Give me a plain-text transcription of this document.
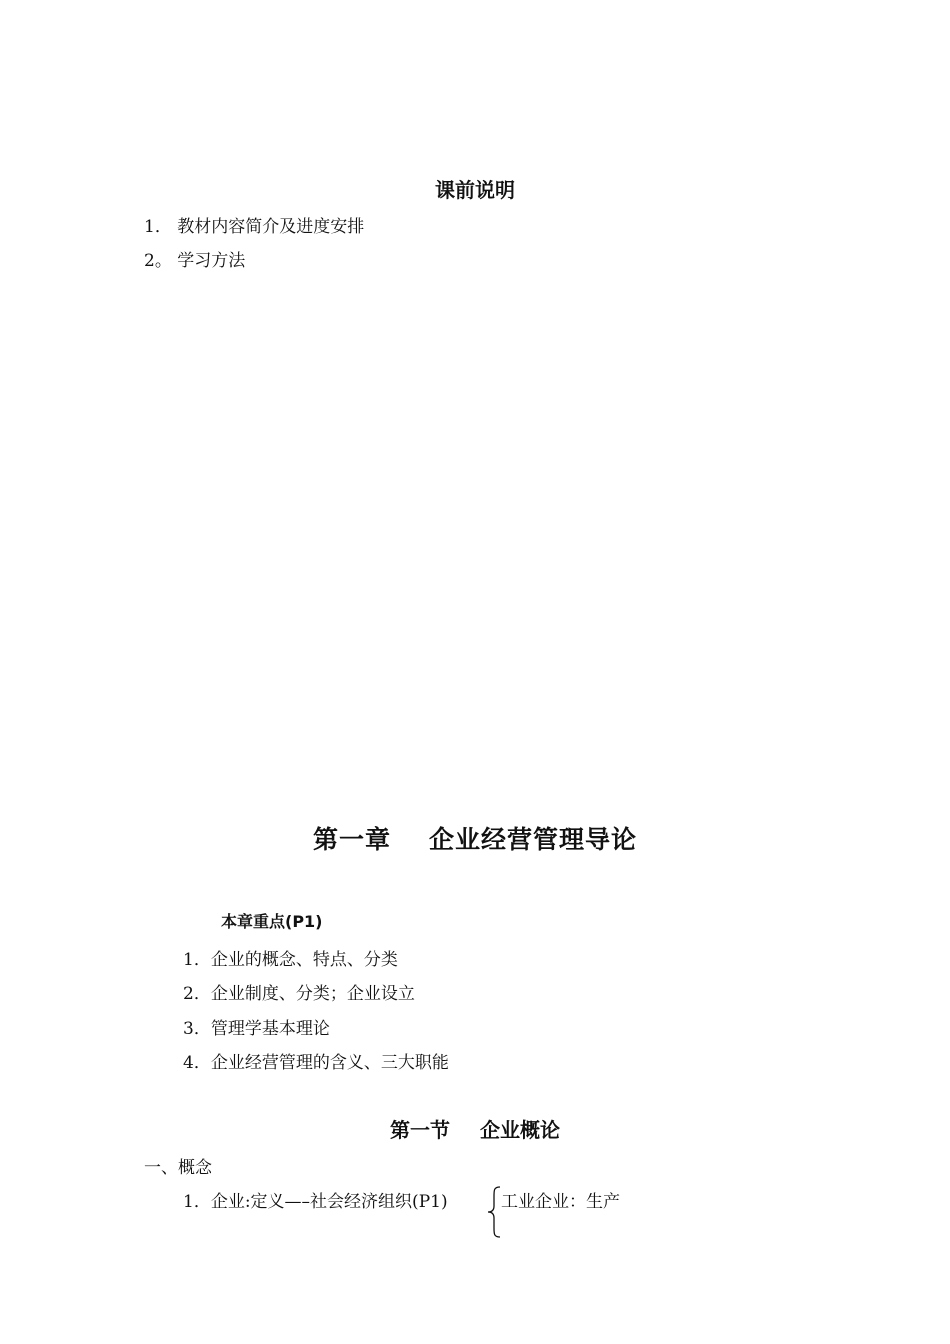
课前说明
1． 教材内容简介及进度安排
2。 学习方法
第一章 企业经营管理导论
本章重点(P1)
1．企业的概念、特点、分类
2．企业制度、分类；企业设立
3．管理学基本理论
4．企业经营管理的含义、三大职能
第一节 企业概论
一、概念
1．企业:定义—–社会经济组织(P1)	工业企业：生产
